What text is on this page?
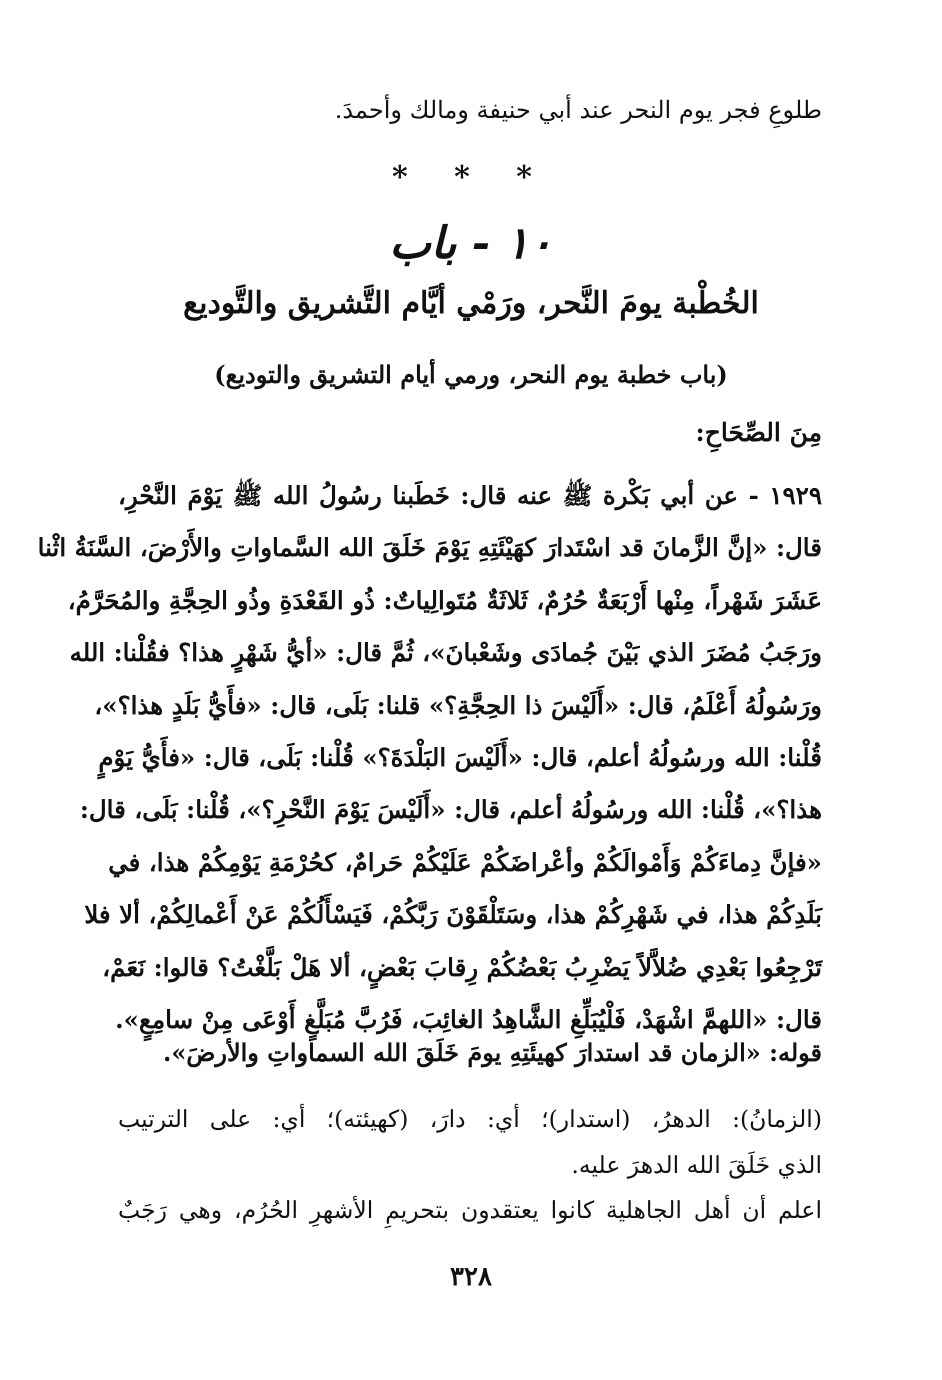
طلوعِ فجر يوم النحر عند أبي حنيفة ومالك وأحمدَ.
* * *
١٠ - باب
الخُطْبة يومَ النَّحر، ورَمْي أيَّام التَّشريق والتَّوديع
(باب خطبة يوم النحر، ورمي أيام التشريق والتوديع)
مِنَ الصِّحَاحِ:
١٩٢٩ - عن أبي بَكْرة ﷺ عنه قال: خَطَبنا رسُولُ الله ﷺ يَوْمَ النَّحْرِ،
قال: «إنَّ الزَّمانَ قد اسْتَدارَ كهَيْئَتِهِ يَوْمَ خَلَقَ الله السَّماواتِ والأَرْضَ، السَّنَةُ اثْنا
عَشَرَ شَهْراً، مِنْها أَرْبَعَةٌ حُرُمٌ، ثَلاثَةٌ مُتَوالِياتٌ: ذُو القَعْدَةِ وذُو الحِجَّةِ والمُحَرَّمُ،
ورَجَبُ مُضَرَ الذي بَيْنَ جُمادَى وشَعْبانَ»، ثُمَّ قال: «أيُّ شَهْرٍ هذا؟ فقُلْنا: الله
ورَسُولُهُ أَعْلَمُ، قال: «أَلَيْسَ ذا الحِجَّةِ؟» قلنا: بَلَى، قال: «فأَيُّ بَلَدٍ هذا؟»،
قُلْنا: الله ورسُولُهُ أعلم، قال: «أَلَيْسَ البَلْدَةَ؟» قُلْنا: بَلَى، قال: «فأَيُّ يَوْمٍ
هذا؟»، قُلْنا: الله ورسُولُهُ أعلم، قال: «أَلَيْسَ يَوْمَ النَّحْرِ؟»، قُلْنا: بَلَى، قال:
«فإنَّ دِماءَكُمْ وَأَمْوالَكُمْ وأعْراضَكُمْ عَلَيْكُمْ حَرامٌ، كحُرْمَةِ يَوْمِكُمْ هذا، في
بَلَدِكُمْ هذا، في شَهْرِكُمْ هذا، وسَتَلْقَوْنَ رَبَّكُمْ، فَيَسْأَلُكُمْ عَنْ أَعْمالِكُمْ، ألا فلا
تَرْجِعُوا بَعْدِي ضُلاَّلاً يَضْرِبُ بَعْضُكُمْ رِقابَ بَعْضٍ، ألا هَلْ بَلَّغْتُ؟ قالوا: نَعَمْ،
قال: «اللهمَّ اشْهَدْ، فَلْيُبَلِّغِ الشَّاهِدُ الغائِبَ، فَرُبَّ مُبَلَّغٍ أَوْعَى مِنْ سامِعٍ».
قوله: «الزمان قد استدارَ كهيئَتِهِ يومَ خَلَقَ الله السماواتِ والأرضَ».
(الزمانُ): الدهرُ، (استدار)؛ أي: دارَ، (كهيئته)؛ أي: على الترتيب
الذي خَلَقَ الله الدهرَ عليه.
اعلم أن أهل الجاهلية كانوا يعتقدون بتحريمِ الأشهرِ الحُرُم، وهي رَجَبٌ
٣٢٨
